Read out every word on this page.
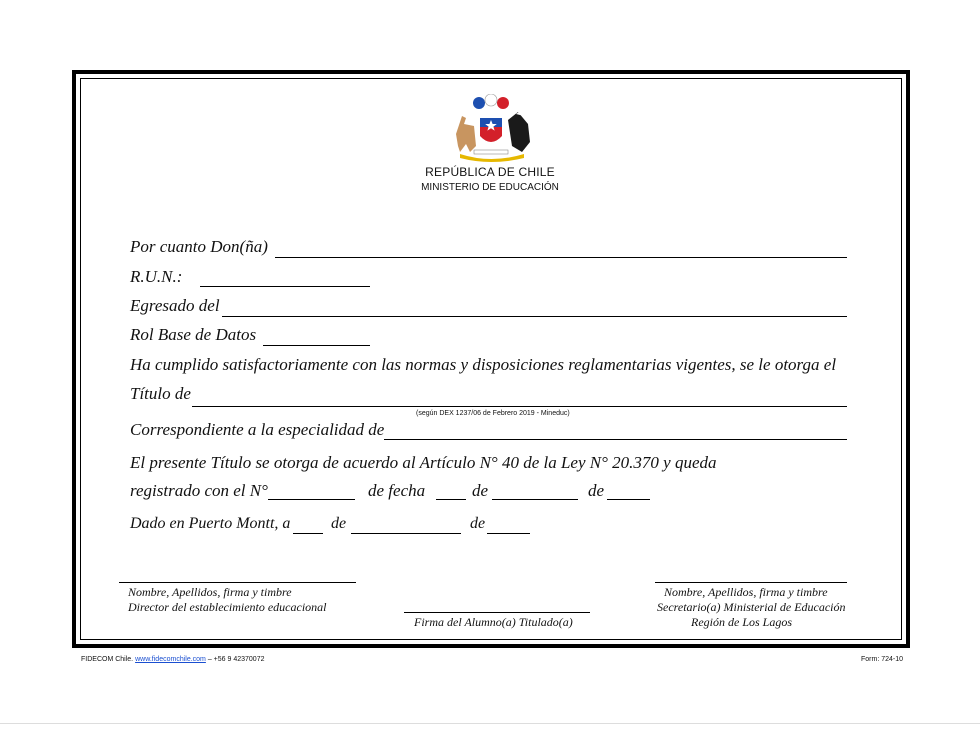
REPÚBLICA DE CHILE
MINISTERIO DE EDUCACIÓN
Por cuanto Don(ña)
R.U.N.:
Egresado del
Rol Base de Datos
Ha cumplido satisfactoriamente con las normas y disposiciones reglamentarias vigentes, se le otorga el
Título de
(según DEX 1237/06 de Febrero 2019 - Mineduc)
Correspondiente a la especialidad de
El presente Título se otorga de acuerdo al Artículo N° 40 de la Ley N° 20.370 y queda
registrado con el N°	de fecha	de	de
Dado en Puerto Montt, a	de	de
Nombre, Apellidos, firma y timbre
Director del establecimiento educacional
Firma del Alumno(a) Titulado(a)
Nombre, Apellidos, firma y timbre
Secretario(a) Ministerial de Educación
Región de Los Lagos
FIDECOM Chile. www.fidecomchile.com – +56 9 42370072	Form: 724-10
